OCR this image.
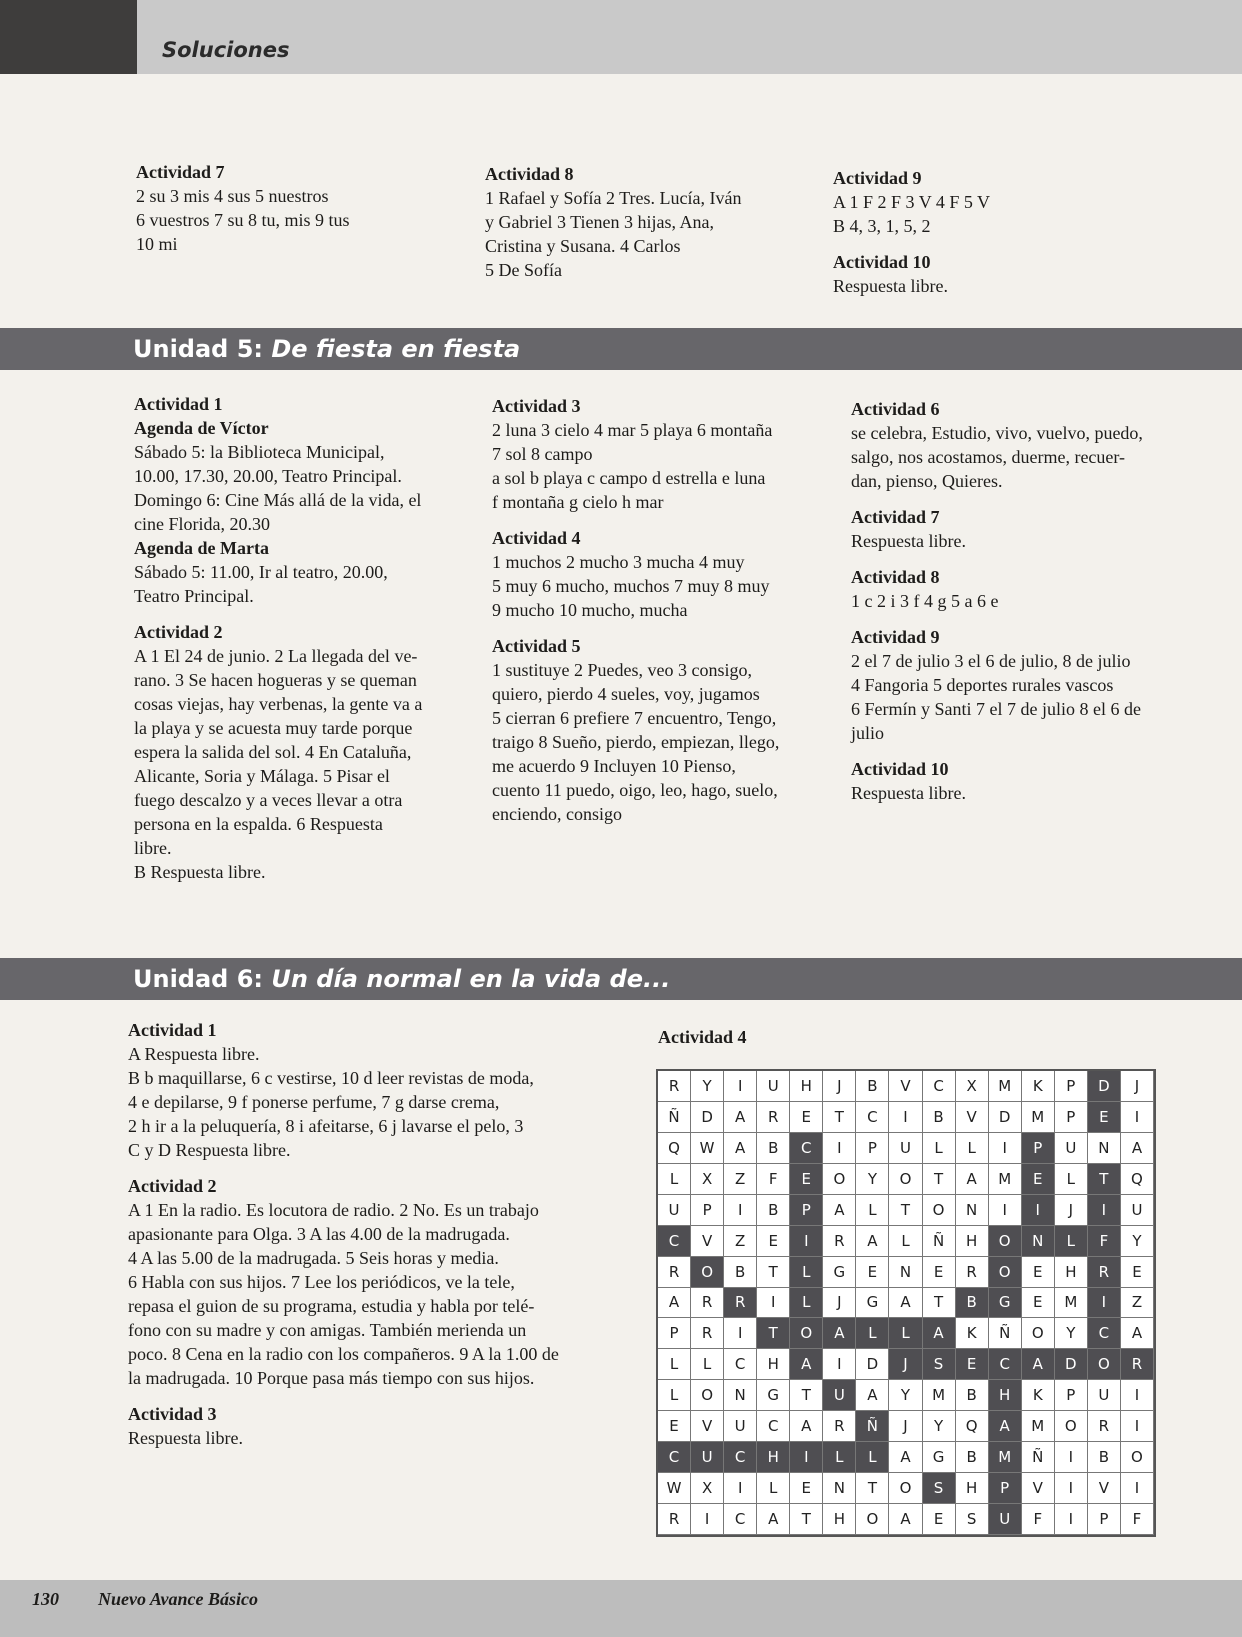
Soluciones
Actividad 7
2 su 3 mis 4 sus 5 nuestros
6 vuestros 7 su 8 tu, mis 9 tus
10 mi
Actividad 8
1 Rafael y Sofía 2 Tres. Lucía, Iván
y Gabriel 3 Tienen 3 hijas, Ana,
Cristina y Susana. 4 Carlos
5 De Sofía
Actividad 9
A 1 F 2 F 3 V 4 F 5 V
B 4, 3, 1, 5, 2
Actividad 10
Respuesta libre.
Unidad 5: De fiesta en fiesta
Actividad 1
Agenda de Víctor
Sábado 5: la Biblioteca Municipal,
10.00, 17.30, 20.00, Teatro Principal.
Domingo 6: Cine Más allá de la vida, el
cine Florida, 20.30
Agenda de Marta
Sábado 5: 11.00, Ir al teatro, 20.00,
Teatro Principal.
Actividad 2
A 1 El 24 de junio. 2 La llegada del ve-
rano. 3 Se hacen hogueras y se queman
cosas viejas, hay verbenas, la gente va a
la playa y se acuesta muy tarde porque
espera la salida del sol. 4 En Cataluña,
Alicante, Soria y Málaga. 5 Pisar el
fuego descalzo y a veces llevar a otra
persona en la espalda. 6 Respuesta
libre.
B Respuesta libre.
Actividad 3
2 luna 3 cielo 4 mar 5 playa 6 montaña
7 sol 8 campo
a sol b playa c campo d estrella e luna
f montaña g cielo h mar
Actividad 4
1 muchos 2 mucho 3 mucha 4 muy
5 muy 6 mucho, muchos 7 muy 8 muy
9 mucho 10 mucho, mucha
Actividad 5
1 sustituye 2 Puedes, veo 3 consigo,
quiero, pierdo 4 sueles, voy, jugamos
5 cierran 6 prefiere 7 encuentro, Tengo,
traigo 8 Sueño, pierdo, empiezan, llego,
me acuerdo 9 Incluyen 10 Pienso,
cuento 11 puedo, oigo, leo, hago, suelo,
enciendo, consigo
Actividad 6
se celebra, Estudio, vivo, vuelvo, puedo,
salgo, nos acostamos, duerme, recuer-
dan, pienso, Quieres.
Actividad 7
Respuesta libre.
Actividad 8
1 c 2 i 3 f 4 g 5 a 6 e
Actividad 9
2 el 7 de julio 3 el 6 de julio, 8 de julio
4 Fangoria 5 deportes rurales vascos
6 Fermín y Santi 7 el 7 de julio 8 el 6 de
julio
Actividad 10
Respuesta libre.
Unidad 6: Un día normal en la vida de...
Actividad 1
A Respuesta libre.
B b maquillarse, 6 c vestirse, 10 d leer revistas de moda,
4 e depilarse, 9 f ponerse perfume, 7 g darse crema,
2 h ir a la peluquería, 8 i afeitarse, 6 j lavarse el pelo, 3
C y D Respuesta libre.
Actividad 2
A 1 En la radio. Es locutora de radio. 2 No. Es un trabajo
apasionante para Olga. 3 A las 4.00 de la madrugada.
4 A las 5.00 de la madrugada. 5 Seis horas y media.
6 Habla con sus hijos. 7 Lee los periódicos, ve la tele,
repasa el guion de su programa, estudia y habla por telé-
fono con su madre y con amigas. También merienda un
poco. 8 Cena en la radio con los compañeros. 9 A la 1.00 de
la madrugada. 10 Porque pasa más tiempo con sus hijos.
Actividad 3
Respuesta libre.
Actividad 4
R	Y	I	U	H	J	B	V	C	X	M	K	P	D	J
Ñ	D	A	R	E	T	C	I	B	V	D	M	P	E	I
Q	W	A	B	C	I	P	U	L	L	I	P	U	N	A
L	X	Z	F	E	O	Y	O	T	A	M	E	L	T	Q
U	P	I	B	P	A	L	T	O	N	I	I	J	I	U
C	V	Z	E	I	R	A	L	Ñ	H	O	N	L	F	Y
R	O	B	T	L	G	E	N	E	R	O	E	H	R	E
A	R	R	I	L	J	G	A	T	B	G	E	M	I	Z
P	R	I	T	O	A	L	L	A	K	Ñ	O	Y	C	A
L	L	C	H	A	I	D	J	S	E	C	A	D	O	R
L	O	N	G	T	U	A	Y	M	B	H	K	P	U	I
E	V	U	C	A	R	Ñ	J	Y	Q	A	M	O	R	I
C	U	C	H	I	L	L	A	G	B	M	Ñ	I	B	O
W	X	I	L	E	N	T	O	S	H	P	V	I	V	I
R	I	C	A	T	H	O	A	E	S	U	F	I	P	F
130 Nuevo Avance Básico
